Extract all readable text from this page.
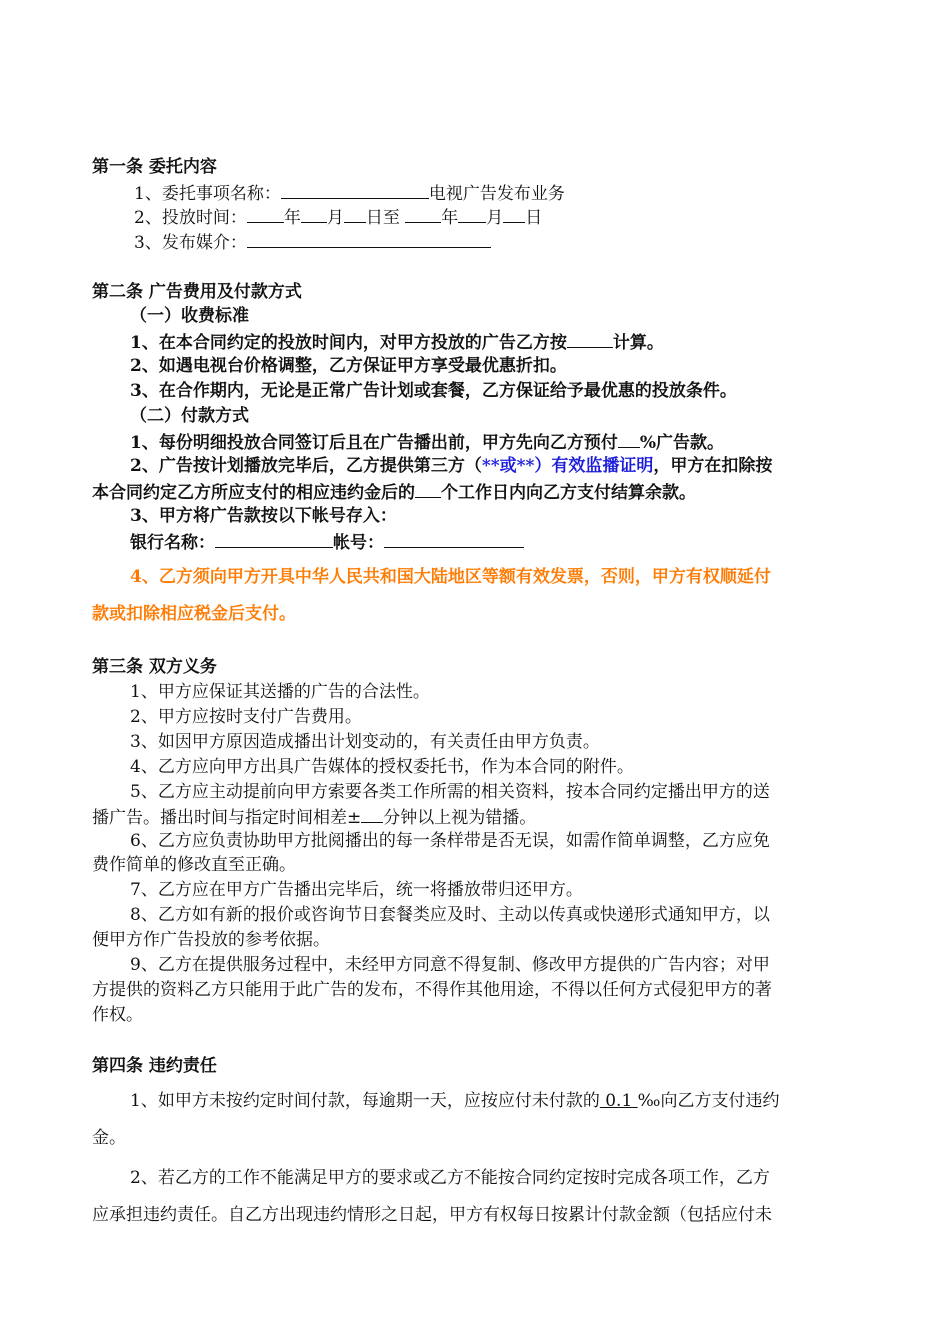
第一条 委托内容
1、委托事项名称：	电视广告发布业务
2、投放时间： 年 月 日至 年 月 日
3、发布媒介：
第二条 广告费用及付款方式
（一）收费标准
1、在本合同约定的投放时间内，对甲方投放的广告乙方按	计算。
2、如遇电视台价格调整，乙方保证甲方享受最优惠折扣。
3、在合作期内，无论是正常广告计划或套餐，乙方保证给予最优惠的投放条件。
（二）付款方式
1、每份明细投放合同签订后且在广告播出前，甲方先向乙方预付 %广告款。
2、广告按计划播放完毕后，乙方提供第三方（**或**）有效监播证明，甲方在扣除按
本合同约定乙方所应支付的相应违约金后的 个工作日内向乙方支付结算余款。
3、甲方将广告款按以下帐号存入：
银行名称：	帐号：
4、乙方须向甲方开具中华人民共和国大陆地区等额有效发票，否则，甲方有权顺延付
款或扣除相应税金后支付。
第三条 双方义务
1、甲方应保证其送播的广告的合法性。
2、甲方应按时支付广告费用。
3、如因甲方原因造成播出计划变动的，有关责任由甲方负责。
4、乙方应向甲方出具广告媒体的授权委托书，作为本合同的附件。
5、乙方应主动提前向甲方索要各类工作所需的相关资料，按本合同约定播出甲方的送
播广告。播出时间与指定时间相差± 分钟以上视为错播。
6、乙方应负责协助甲方批阅播出的每一条样带是否无误，如需作简单调整，乙方应免
费作简单的修改直至正确。
7、乙方应在甲方广告播出完毕后，统一将播放带归还甲方。
8、乙方如有新的报价或咨询节日套餐类应及时、主动以传真或快递形式通知甲方，以
便甲方作广告投放的参考依据。
9、乙方在提供服务过程中，未经甲方同意不得复制、修改甲方提供的广告内容；对甲
方提供的资料乙方只能用于此广告的发布，不得作其他用途，不得以任何方式侵犯甲方的著
作权。
第四条 违约责任
1、如甲方未按约定时间付款，每逾期一天，应按应付未付款的 0.1 ‰向乙方支付违约
金。
2、若乙方的工作不能满足甲方的要求或乙方不能按合同约定按时完成各项工作，乙方
应承担违约责任。自乙方出现违约情形之日起，甲方有权每日按累计付款金额（包括应付未
